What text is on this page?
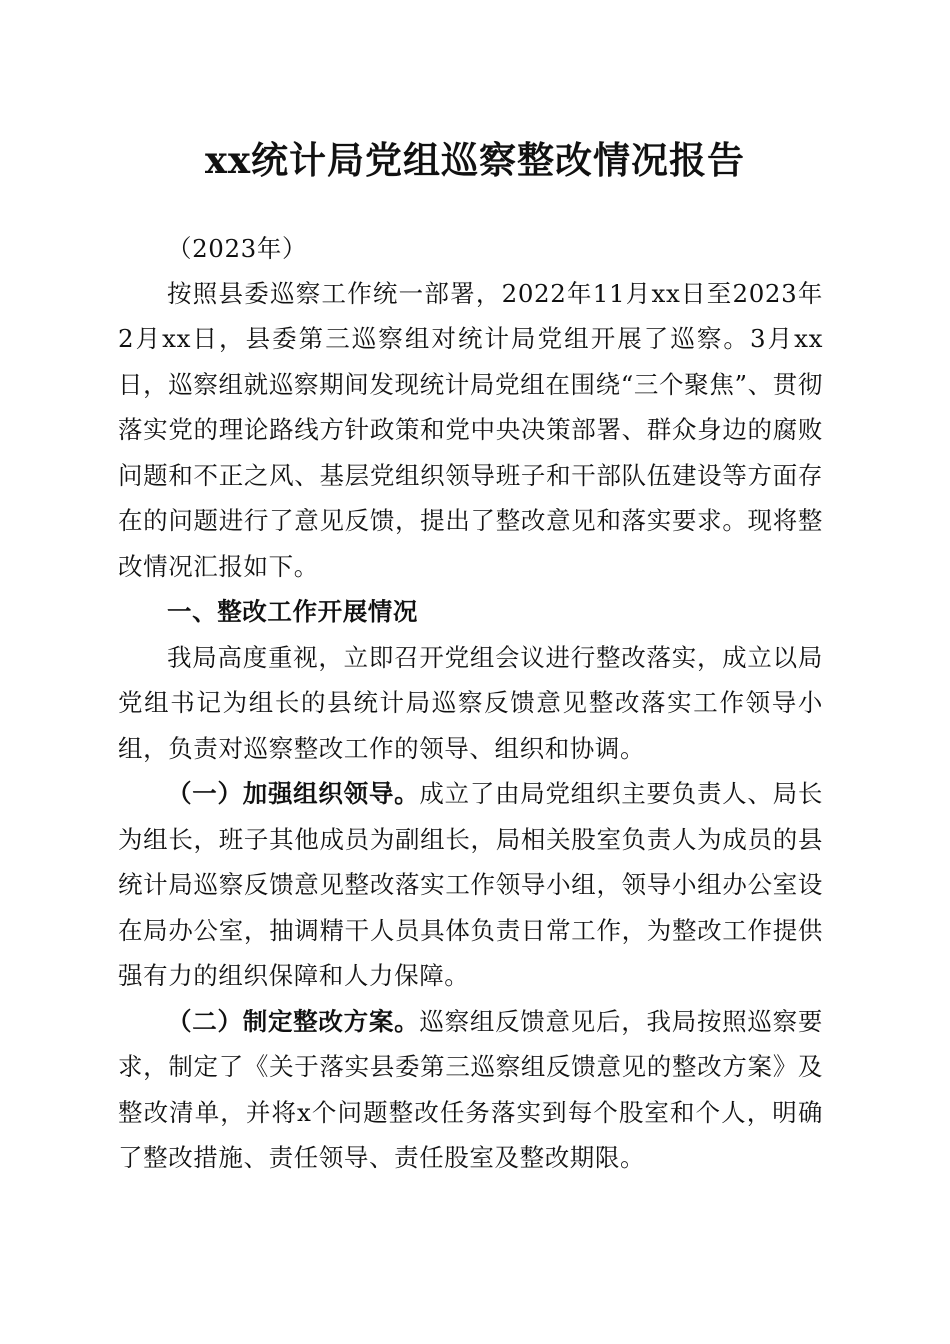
xx统计局党组巡察整改情况报告

（2023年）

按照县委巡察工作统一部署，2022年11月xx日至2023年2月xx日，县委第三巡察组对统计局党组开展了巡察。3月xx日，巡察组就巡察期间发现统计局党组在围绕“三个聚焦”、贯彻落实党的理论路线方针政策和党中央决策部署、群众身边的腐败问题和不正之风、基层党组织领导班子和干部队伍建设等方面存在的问题进行了意见反馈，提出了整改意见和落实要求。现将整改情况汇报如下。

一、整改工作开展情况

我局高度重视，立即召开党组会议进行整改落实，成立以局党组书记为组长的县统计局巡察反馈意见整改落实工作领导小组，负责对巡察整改工作的领导、组织和协调。

（一）加强组织领导。成立了由局党组织主要负责人、局长为组长，班子其他成员为副组长，局相关股室负责人为成员的县统计局巡察反馈意见整改落实工作领导小组，领导小组办公室设在局办公室，抽调精干人员具体负责日常工作，为整改工作提供强有力的组织保障和人力保障。

（二）制定整改方案。巡察组反馈意见后，我局按照巡察要求，制定了《关于落实县委第三巡察组反馈意见的整改方案》及整改清单，并将x个问题整改任务落实到每个股室和个人，明确了整改措施、责任领导、责任股室及整改期限。
